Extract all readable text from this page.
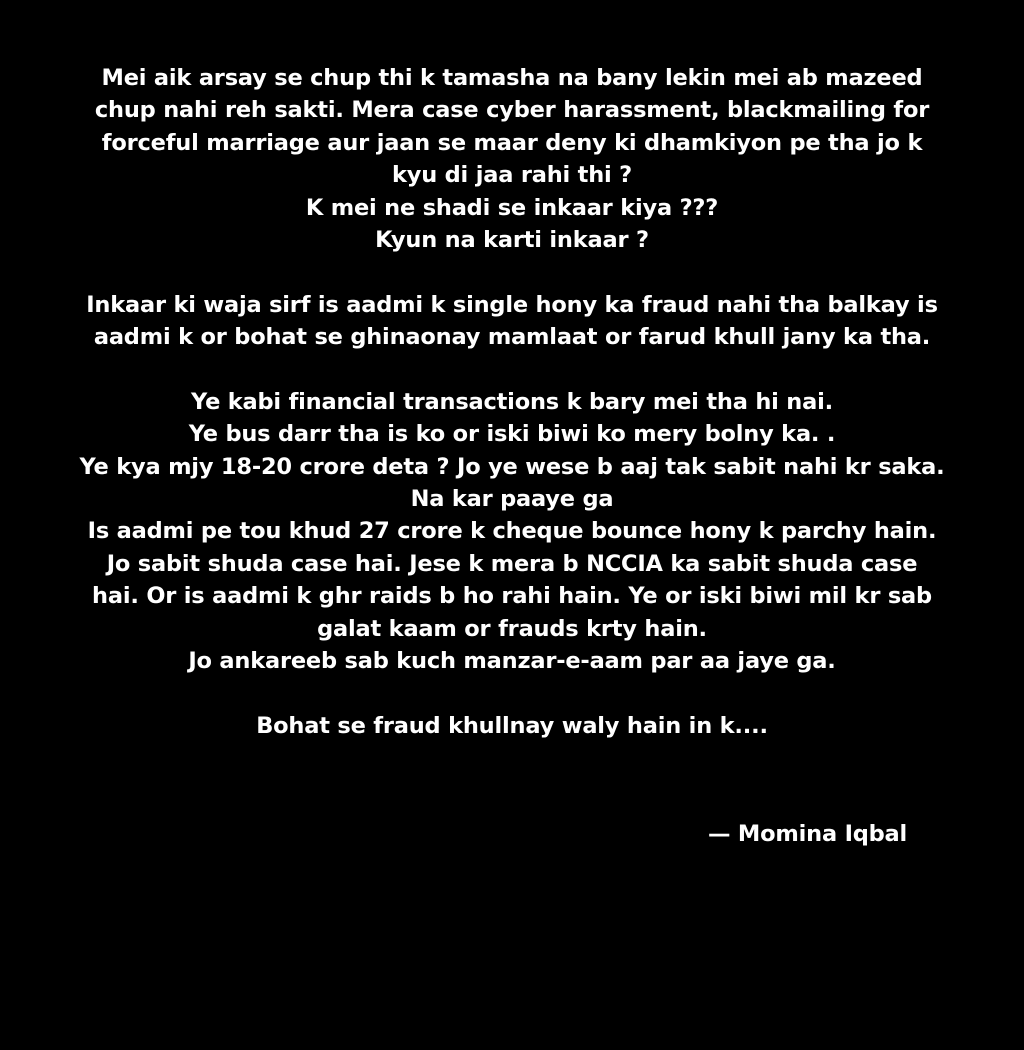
Mei aik arsay se chup thi k tamasha na bany lekin mei ab mazeed
chup nahi reh sakti. Mera case cyber harassment, blackmailing for
forceful marriage aur jaan se maar deny ki dhamkiyon pe tha jo k
kyu di jaa rahi thi ?
K mei ne shadi se inkaar kiya ???
Kyun na karti inkaar ?
Inkaar ki waja sirf is aadmi k single hony ka fraud nahi tha balkay is
aadmi k or bohat se ghinaonay mamlaat or farud khull jany ka tha.
Ye kabi financial transactions k bary mei tha hi nai.
Ye bus darr tha is ko or iski biwi ko mery bolny ka. .
Ye kya mjy 18-20 crore deta ? Jo ye wese b aaj tak sabit nahi kr saka.
Na kar paaye ga
Is aadmi pe tou khud 27 crore k cheque bounce hony k parchy hain.
Jo sabit shuda case hai. Jese k mera b NCCIA ka sabit shuda case
hai. Or is aadmi k ghr raids b ho rahi hain. Ye or iski biwi mil kr sab
galat kaam or frauds krty hain.
Jo ankareeb sab kuch manzar-e-aam par aa jaye ga.
Bohat se fraud khullnay waly hain in k....
— Momina Iqbal
